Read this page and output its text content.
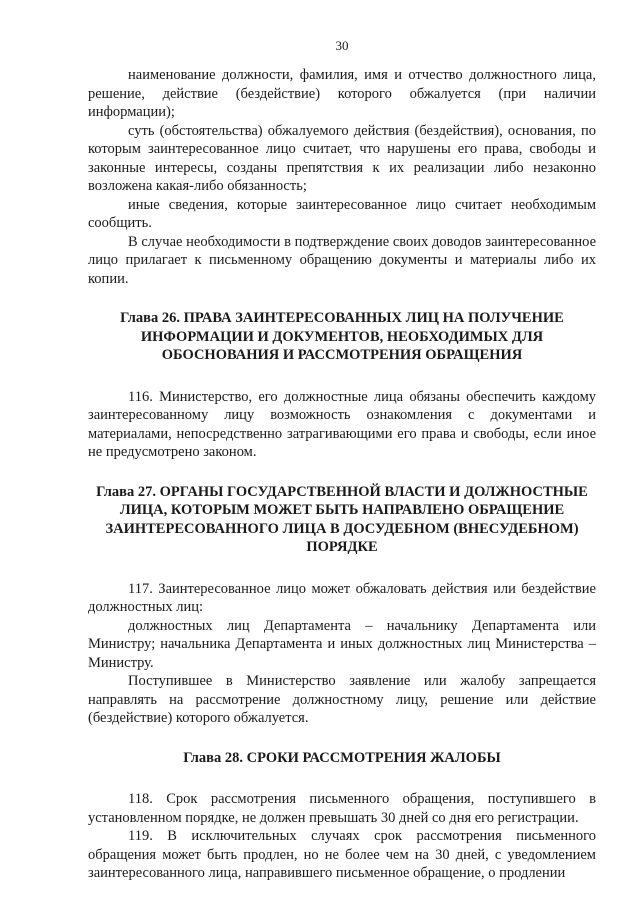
30

наименование должности, фамилия, имя и отчество должностного лица, решение, действие (бездействие) которого обжалуется (при наличии информации);

суть (обстоятельства) обжалуемого действия (бездействия), основания, по которым заинтересованное лицо считает, что нарушены его права, свободы и законные интересы, созданы препятствия к их реализации либо незаконно возложена какая-либо обязанность;

иные сведения, которые заинтересованное лицо считает необходимым сообщить.

В случае необходимости в подтверждение своих доводов заинтересованное лицо прилагает к письменному обращению документы и материалы либо их копии.

Глава 26. ПРАВА ЗАИНТЕРЕСОВАННЫХ ЛИЦ НА ПОЛУЧЕНИЕ ИНФОРМАЦИИ И ДОКУМЕНТОВ, НЕОБХОДИМЫХ ДЛЯ ОБОСНОВАНИЯ И РАССМОТРЕНИЯ ОБРАЩЕНИЯ

116. Министерство, его должностные лица обязаны обеспечить каждому заинтересованному лицу возможность ознакомления с документами и материалами, непосредственно затрагивающими его права и свободы, если иное не предусмотрено законом.

Глава 27. ОРГАНЫ ГОСУДАРСТВЕННОЙ ВЛАСТИ И ДОЛЖНОСТНЫЕ ЛИЦА, КОТОРЫМ МОЖЕТ БЫТЬ НАПРАВЛЕНО ОБРАЩЕНИЕ ЗАИНТЕРЕСОВАННОГО ЛИЦА В ДОСУДЕБНОМ (ВНЕСУДЕБНОМ) ПОРЯДКЕ

117. Заинтересованное лицо может обжаловать действия или бездействие должностных лиц:

должностных лиц Департамента – начальнику Департамента или Министру; начальника Департамента и иных должностных лиц Министерства – Министру.

Поступившее в Министерство заявление или жалобу запрещается направлять на рассмотрение должностному лицу, решение или действие (бездействие) которого обжалуется.

Глава 28. СРОКИ РАССМОТРЕНИЯ ЖАЛОБЫ

118. Срок рассмотрения письменного обращения, поступившего в установленном порядке, не должен превышать 30 дней со дня его регистрации.

119. В исключительных случаях срок рассмотрения письменного обращения может быть продлен, но не более чем на 30 дней, с уведомлением заинтересованного лица, направившего письменное обращение, о продлении
